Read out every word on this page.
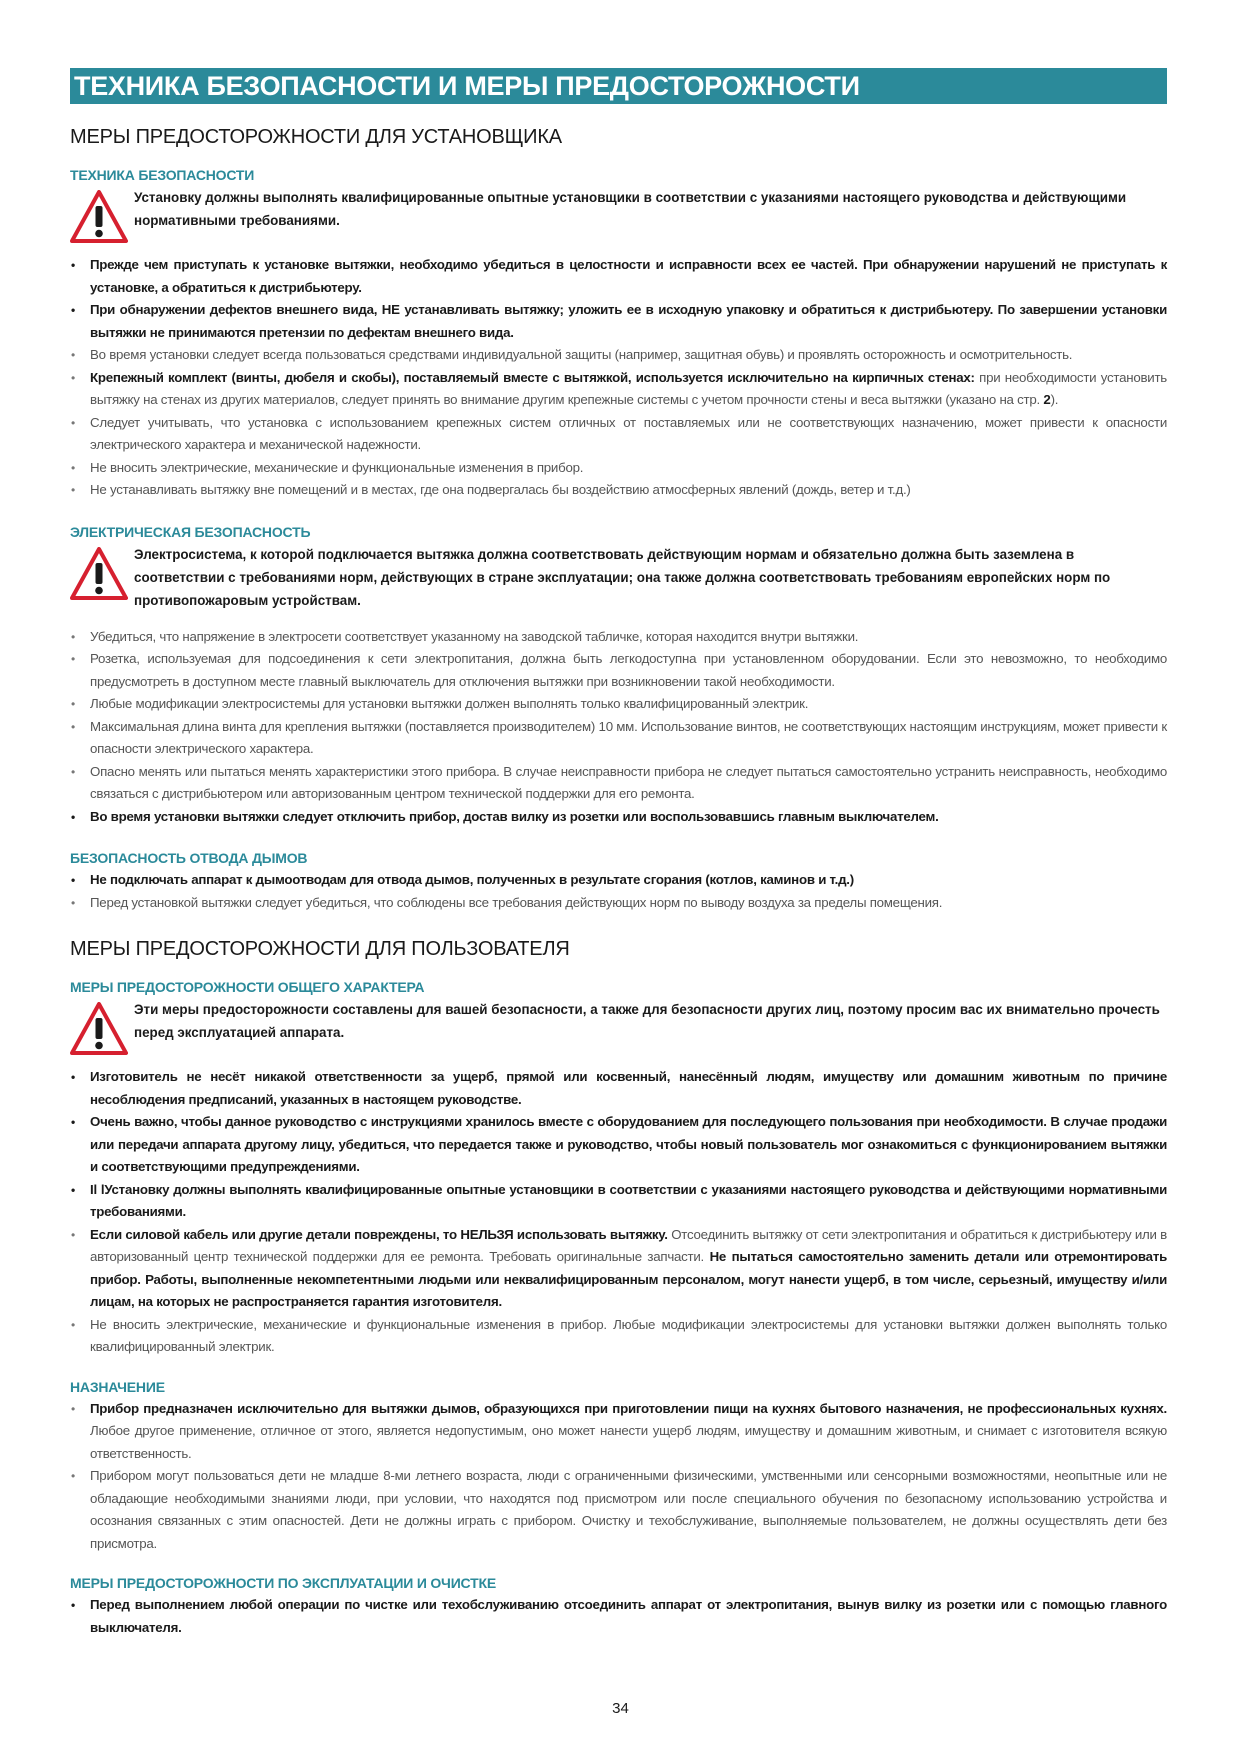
ТЕХНИКА БЕЗОПАСНОСТИ И МЕРЫ ПРЕДОСТОРОЖНОСТИ
МЕРЫ ПРЕДОСТОРОЖНОСТИ ДЛЯ УСТАНОВЩИКА
ТЕХНИКА БЕЗОПАСНОСТИ

Установку должны выполнять квалифицированные опытные установщики в соответствии с указаниями настоящего руководства и действующими нормативными требованиями.

• Прежде чем приступать к установке вытяжки, необходимо убедиться в целостности и исправности всех ее частей. При обнаружении нарушений не приступать к установке, а обратиться к дистрибьютеру.
• При обнаружении дефектов внешнего вида, НЕ устанавливать вытяжку; уложить ее в исходную упаковку и обратиться к дистрибьютеру. По завершении установки вытяжки не принимаются претензии по дефектам внешнего вида.
• Во время установки следует всегда пользоваться средствами индивидуальной защиты (например, защитная обувь) и проявлять осторожность и осмотрительность.
• Крепежный комплект (винты, дюбеля и скобы), поставляемый вместе с вытяжкой, используется исключительно на кирпичных стенах: при необходимости установить вытяжку на стенах из других материалов, следует принять во внимание другим крепежные системы с учетом прочности стены и веса вытяжки (указано на стр. 2).
• Следует учитывать, что установка с использованием крепежных систем отличных от поставляемых или не соответствующих назначению, может привести к опасности электрического характера и механической надежности.
• Не вносить электрические, механические и функциональные изменения в прибор.
• Не устанавливать вытяжку вне помещений и в местах, где она подвергалась бы воздействию атмосферных явлений (дождь, ветер и т.д.)
ЭЛЕКТРИЧЕСКАЯ БЕЗОПАСНОСТЬ

Электросистема, к которой подключается вытяжка должна соответствовать действующим нормам и обязательно должна быть заземлена в соответствии с требованиями норм, действующих в стране эксплуатации; она также должна соответствовать требованиям европейских норм по противопожаровым устройствам.

• Убедиться, что напряжение в электросети соответствует указанному на заводской табличке, которая находится внутри вытяжки.
• Розетка, используемая для подсоединения к сети электропитания, должна быть легкодоступна при установленном оборудовании. Если это невозможно, то необходимо предусмотреть в доступном месте главный выключатель для отключения вытяжки при возникновении такой необходимости.
• Любые модификации электросистемы для установки вытяжки должен выполнять только квалифицированный электрик.
• Максимальная длина винта для крепления вытяжки (поставляется производителем) 10 мм. Использование винтов, не соответствующих настоящим инструкциям, может привести к опасности электрического характера.
• Опасно менять или пытаться менять характеристики этого прибора. В случае неисправности прибора не следует пытаться самостоятельно устранить неисправность, необходимо связаться с дистрибьютером или авторизованным центром технической поддержки для его ремонта.
• Во время установки вытяжки следует отключить прибор, достав вилку из розетки или воспользовавшись главным выключателем.
БЕЗОПАСНОСТЬ ОТВОДА ДЫМОВ
• Не подключать аппарат к дымоотводам для отвода дымов, полученных в результате сгорания (котлов, каминов и т.д.)
• Перед установкой вытяжки следует убедиться, что соблюдены все требования действующих норм по выводу воздуха за пределы помещения.
МЕРЫ ПРЕДОСТОРОЖНОСТИ ДЛЯ ПОЛЬЗОВАТЕЛЯ
МЕРЫ ПРЕДОСТОРОЖНОСТИ ОБЩЕГО ХАРАКТЕРА

Эти меры предосторожности составлены для вашей безопасности, а также для безопасности других лиц, поэтому просим вас их внимательно прочесть перед эксплуатацией аппарата.

• Изготовитель не несёт никакой ответственности за ущерб, прямой или косвенный, нанесённый людям, имуществу или домашним животным по причине несоблюдения предписаний, указанных в настоящем руководстве.
• Очень важно, чтобы данное руководство с инструкциями хранилось вместе с оборудованием для последующего пользования при необходимости. В случае продажи или передачи аппарата другому лицу, убедиться, что передается также и руководство, чтобы новый пользователь мог ознакомиться с функционированием вытяжки и соответствующими предупреждениями.
• Il lУстановку должны выполнять квалифицированные опытные установщики в соответствии с указаниями настоящего руководства и действующими нормативными требованиями.
• Если силовой кабель или другие детали повреждены, то НЕЛЬЗЯ использовать вытяжку. Отсоединить вытяжку от сети электропитания и обратиться к дистрибьютеру или в авторизованный центр технической поддержки для ее ремонта. Требовать оригинальные запчасти. Не пытаться самостоятельно заменить детали или отремонтировать прибор. Работы, выполненные некомпетентными людьми или неквалифицированным персоналом, могут нанести ущерб, в том числе, серьезный, имуществу и/или лицам, на которых не распространяется гарантия изготовителя.
• Не вносить электрические, механические и функциональные изменения в прибор. Любые модификации электросистемы для установки вытяжки должен выполнять только квалифицированный электрик.
НАЗНАЧЕНИЕ
• Прибор предназначен исключительно для вытяжки дымов, образующихся при приготовлении пищи на кухнях бытового назначения, не профессиональных кухнях. Любое другое применение, отличное от этого, является недопустимым, оно может нанести ущерб людям, имуществу и домашним животным, и снимает с изготовителя всякую ответственность.
• Прибором могут пользоваться дети не младше 8-ми летнего возраста, люди с ограниченными физическими, умственными или сенсорными возможностями, неопытные или не обладающие необходимыми знаниями люди, при условии, что находятся под присмотром или после специального обучения по безопасному использованию устройства и осознания связанных с этим опасностей. Дети не должны играть с прибором. Очистку и техобслуживание, выполняемые пользователем, не должны осуществлять дети без присмотра.
МЕРЫ ПРЕДОСТОРОЖНОСТИ ПО ЭКСПЛУАТАЦИИ И ОЧИСТКЕ
• Перед выполнением любой операции по чистке или техобслуживанию отсоединить аппарат от электропитания, вынув вилку из розетки или с помощью главного выключателя.
34
